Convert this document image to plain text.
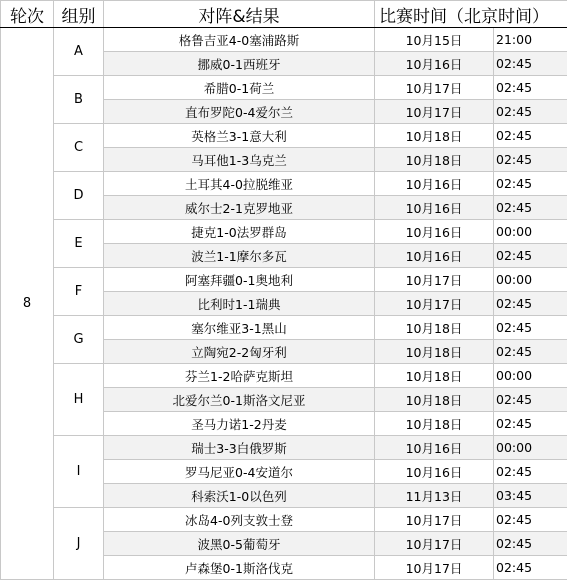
轮次	组别	对阵&结果	比赛时间（北京时间）	
8	A	格鲁吉亚4-0塞浦路斯	10月15日	21:00
		挪威0-1西班牙	10月16日	02:45
	B	希腊0-1荷兰	10月17日	02:45
		直布罗陀0-4爱尔兰	10月17日	02:45
	C	英格兰3-1意大利	10月18日	02:45
		马耳他1-3乌克兰	10月18日	02:45
	D	土耳其4-0拉脱维亚	10月16日	02:45
		威尔士2-1克罗地亚	10月16日	02:45
	E	捷克1-0法罗群岛	10月16日	00:00
		波兰1-1摩尔多瓦	10月16日	02:45
	F	阿塞拜疆0-1奥地利	10月17日	00:00
		比利时1-1瑞典	10月17日	02:45
	G	塞尔维亚3-1黑山	10月18日	02:45
		立陶宛2-2匈牙利	10月18日	02:45
	H	芬兰1-2哈萨克斯坦	10月18日	00:00
		北爱尔兰0-1斯洛文尼亚	10月18日	02:45
		圣马力诺1-2丹麦	10月18日	02:45
	I	瑞士3-3白俄罗斯	10月16日	00:00
		罗马尼亚0-4安道尔	10月16日	02:45
		科索沃1-0以色列	11月13日	03:45
	J	冰岛4-0列支敦士登	10月17日	02:45
		波黑0-5葡萄牙	10月17日	02:45
		卢森堡0-1斯洛伐克	10月17日	02:45
